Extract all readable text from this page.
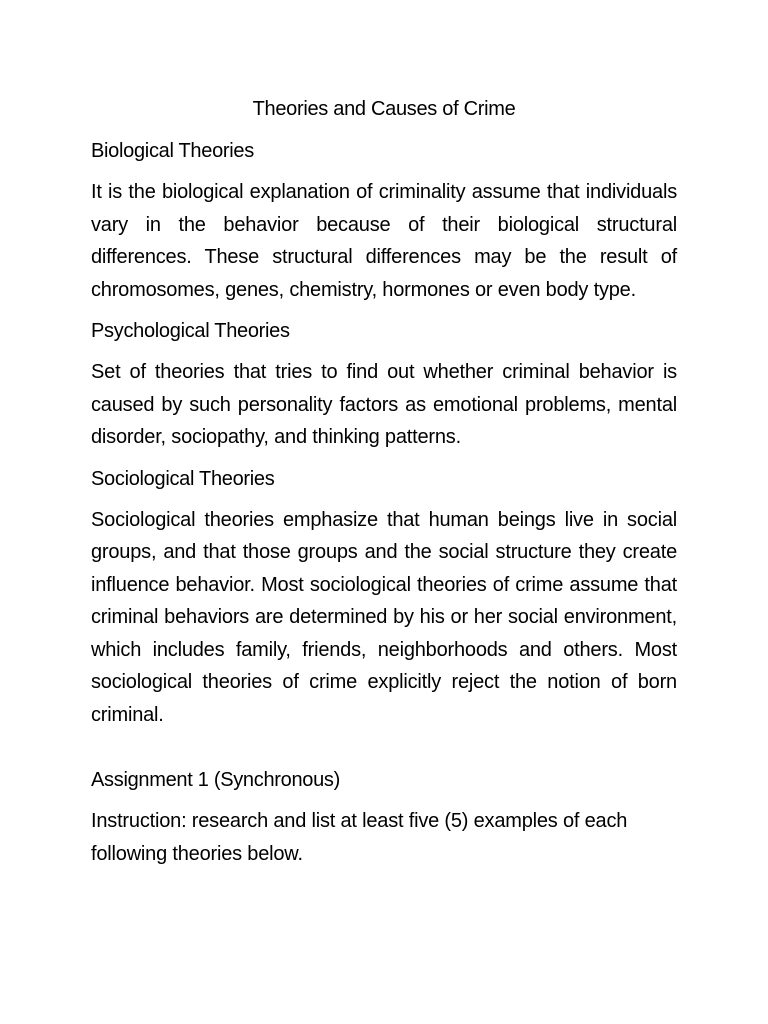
Theories and Causes of Crime
Biological Theories

It is the biological explanation of criminality assume that individuals vary in the behavior because of their biological structural differences. These structural differences may be the result of chromosomes, genes, chemistry, hormones or even body type.

Psychological Theories

Set of theories that tries to find out whether criminal behavior is caused by such personality factors as emotional problems, mental disorder, sociopathy, and thinking patterns.

Sociological Theories

Sociological theories emphasize that human beings live in social groups, and that those groups and the social structure they create influence behavior. Most sociological theories of crime assume that criminal behaviors are determined by his or her social environment, which includes family, friends, neighborhoods and others. Most sociological theories of crime explicitly reject the notion of born criminal.

Assignment 1 (Synchronous)

Instruction: research and list at least five (5) examples of each following theories below.
